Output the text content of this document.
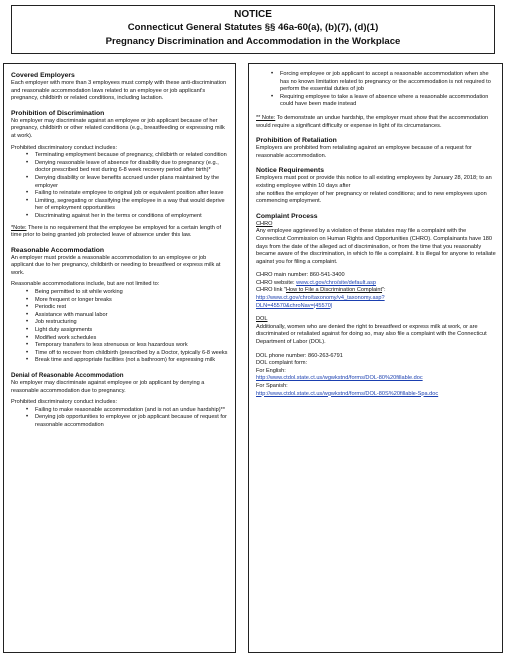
NOTICE
Connecticut General Statutes §§ 46a-60(a), (b)(7), (d)(1)
Pregnancy Discrimination and Accommodation in the Workplace

Covered Employers

Each employer with more than 3 employees must comply with these anti-discrimination and reasonable accommodation laws related to an employee or job applicant's pregnancy, childbirth or related conditions, including lactation.

Prohibition of Discrimination

No employer may discriminate against an employee or job applicant because of her pregnancy, childbirth or other related conditions (e.g., breastfeeding or expressing milk at work).

Prohibited discriminatory conduct includes:

• Terminating employment because of pregnancy, childbirth or related condition
• Denying reasonable leave of absence for disability due to pregnancy (e.g., doctor prescribed bed rest during 6-8 week recovery period after birth)*
• Denying disability or leave benefits accrued under plans maintained by the employer
• Failing to reinstate employee to original job or equivalent position after leave
• Limiting, segregating or classifying the employee in a way that would deprive her of employment opportunities
• Discriminating against her in the terms or conditions of employment

*Note: There is no requirement that the employee be employed for a certain length of time prior to being granted job protected leave of absence under this law.

Reasonable Accommodation

An employer must provide a reasonable accommodation to an employee or job applicant due to her pregnancy, childbirth or needing to breastfeed or express milk at work.

Reasonable accommodations include, but are not limited to:

• Being permitted to sit while working
• More frequent or longer breaks
• Periodic rest
• Assistance with manual labor
• Job restructuring
• Light duty assignments
• Modified work schedules
• Temporary transfers to less strenuous or less hazardous work
• Time off to recover from childbirth (prescribed by a Doctor, typically 6-8 weeks
• Break time and appropriate facilities (not a bathroom) for expressing milk

Denial of Reasonable Accommodation

No employer may discriminate against employee or job applicant by denying a reasonable accommodation due to pregnancy.

Prohibited discriminatory conduct includes:

• Failing to make reasonable accommodation (and is not an undue hardship)**
• Denying job opportunities to employee or job applicant because of request for reasonable accommodation
• Forcing employee or job applicant to accept a reasonable accommodation when she has no known limitation related to pregnancy or the accommodation is not required to perform the essential duties of job
• Requiring employee to take a leave of absence where a reasonable accommodation could have been made instead

** Note: To demonstrate an undue hardship, the employer must show that the accommodation would require a significant difficulty or expense in light of its circumstances.

Prohibition of Retaliation

Employers are prohibited from retaliating against an employee because of a request for reasonable accommodation.

Notice Requirements

Employers must post or provide this notice to all existing employees by January 28, 2018; to an existing employee within 10 days after

she notifies the employer of her pregnancy or related conditions; and to new employees upon commencing employment.

Complaint Process

CHRO

Any employee aggrieved by a violation of these statutes may file a complaint with the Connecticut Commission on Human Rights and Opportunities (CHRO). Complainants have 180 days from the date of the alleged act of discrimination, or from the time that you reasonably became aware of the discrimination, in which to file a complaint. It is illegal for anyone to retaliate against you for filing a complaint.

CHRO main number: 860-541-3400

CHRO website: www.ct.gov/chro/site/default.asp

CHRO link "How to File a Discrimination Complaint":

http://www.ct.gov/chro/taxonomy/v4_taxonomy.asp?

DLN=45570&chroNav=|45570|

DOL

Additionally, women who are denied the right to breastfeed or express milk at work, or are discriminated or retaliated against for doing so, may also file a complaint with the Connecticut Department of Labor (DOL).

DOL phone number: 860-263-6791

DOL complaint form:

For English:

http://www.ctdol.state.ct.us/wgwkstnd/forms/DOL-80%20fillable.doc

For Spanish:

http://www.ctdol.state.ct.us/wgwkstnd/forms/DOL-80S%20fillable-Spa.doc
